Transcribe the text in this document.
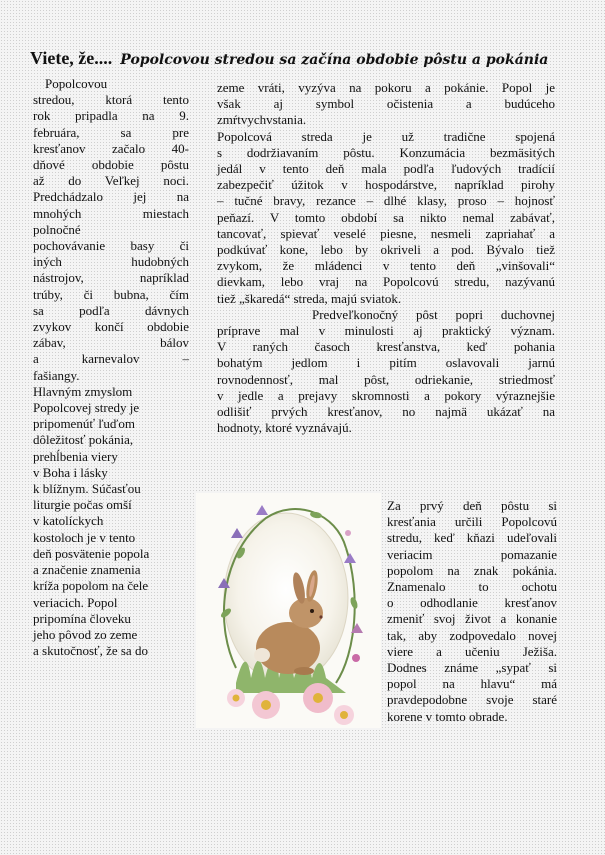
Viete, že.... Popolcovou stredou sa začína obdobie pôstu a pokánia

Popolcovou

stredou, ktorá tento

rok pripadla na 9.

februára, sa pre

kresťanov začalo 40-

dňové obdobie pôstu

až do Veľkej noci.

Predchádzalo jej na

mnohých miestach

polnočné

pochovávanie basy či

iných hudobných

nástrojov, napríklad

trúby, či bubna, čím

sa podľa dávnych

zvykov končí obdobie

zábav, bálov

a karnevalov –

fašiangy.

Hlavným zmyslom

Popolcovej stredy je

pripomenúť ľuďom

dôležitosť pokánia,

prehĺbenia viery

v Boha i lásky

k blížnym. Súčasťou

liturgie počas omší

v katolíckych

kostoloch je v tento

deň posvätenie popola

a značenie znamenia

kríža popolom na čele

veriacich. Popol

pripomína človeku

jeho pôvod zo zeme

a skutočnosť, že sa do

zeme vráti, vyzýva na pokoru a pokánie. Popol je

však aj symbol očistenia a budúceho

zmŕtvychvstania.

Popolcová streda je už tradične spojená

s dodržiavaním pôstu. Konzumácia bezmäsitých

jedál v tento deň mala podľa ľudových tradícií

zabezpečiť úžitok v hospodárstve, napríklad pirohy

– tučné bravy, rezance – dlhé klasy, proso – hojnosť

peňazí. V tomto období sa nikto nemal zabávať,

tancovať, spievať veselé piesne, nesmeli zapriahať a

podkúvať kone, lebo by okriveli a pod. Bývalo tiež

zvykom, že mládenci v tento deň „vinšovali“

dievkam, lebo vraj na Popolcovú stredu, nazývanú

tiež „škaredá“ streda, majú sviatok.

Predveľkonočný pôst popri duchovnej

príprave mal v minulosti aj praktický význam.

V raných časoch kresťanstva, keď pohania

bohatým jedlom i pitím oslavovali jarnú

rovnodennosť, mal pôst, odriekanie, striedmosť

v jedle a prejavy skromnosti a pokory výraznejšie

odlišiť prvých kresťanov, no najmä ukázať na

hodnoty, ktoré vyznávajú.

Za prvý deň pôstu si

kresťania určili Popolcovú

stredu, keď kňazi udeľovali

veriacim pomazanie

popolom na znak pokánia.

Znamenalo to ochotu

o odhodlanie kresťanov

zmeniť svoj život a konanie

tak, aby zodpovedalo novej

viere a učeniu Ježiša.

Dodnes známe „sypať si

popol na hlavu“ má

pravdepodobne svoje staré

korene v tomto obrade.
